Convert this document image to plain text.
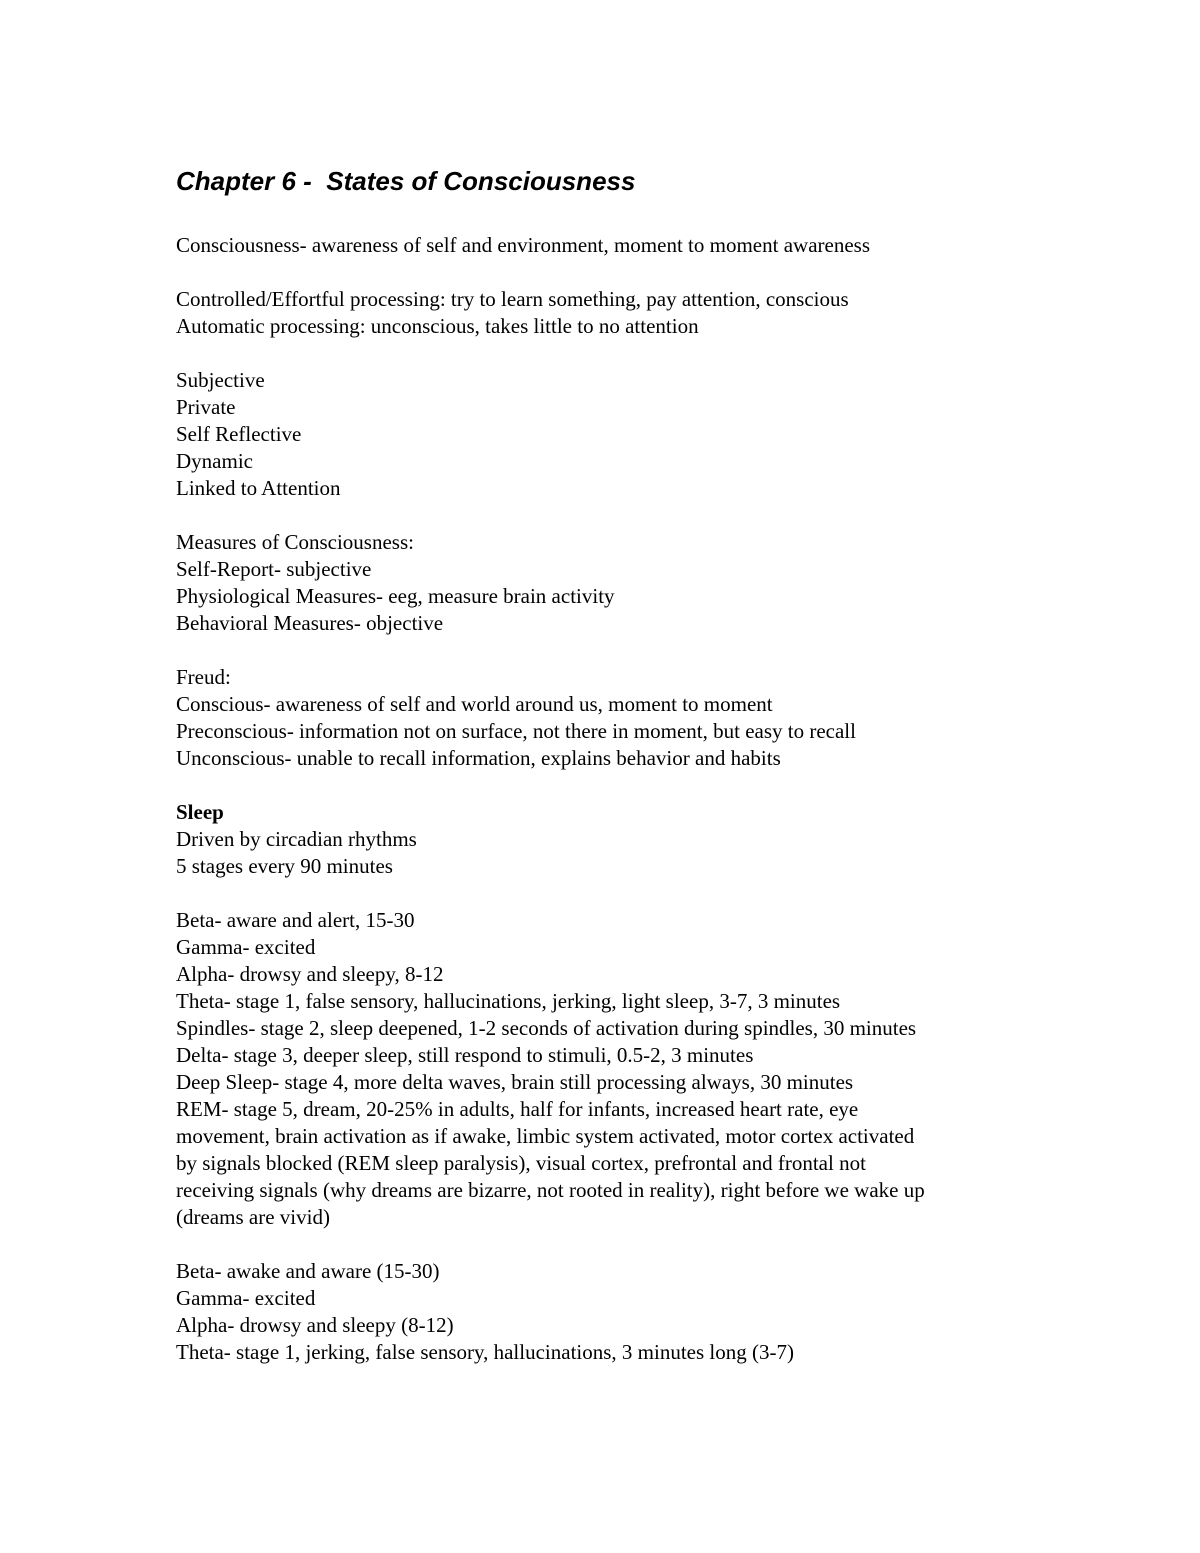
Chapter 6 -  States of Consciousness

Consciousness- awareness of self and environment, moment to moment awareness

Controlled/Effortful processing: try to learn something, pay attention, conscious

Automatic processing: unconscious, takes little to no attention

Subjective

Private

Self Reflective

Dynamic

Linked to Attention

Measures of Consciousness:

Self-Report- subjective

Physiological Measures- eeg, measure brain activity

Behavioral Measures- objective

Freud:

Conscious- awareness of self and world around us, moment to moment

Preconscious- information not on surface, not there in moment, but easy to recall

Unconscious- unable to recall information, explains behavior and habits

Sleep

Driven by circadian rhythms

5 stages every 90 minutes

Beta- aware and alert, 15-30

Gamma- excited

Alpha- drowsy and sleepy, 8-12

Theta- stage 1, false sensory, hallucinations, jerking, light sleep, 3-7, 3 minutes

Spindles- stage 2, sleep deepened, 1-2 seconds of activation during spindles, 30 minutes

Delta- stage 3, deeper sleep, still respond to stimuli, 0.5-2, 3 minutes

Deep Sleep- stage 4, more delta waves, brain still processing always, 30 minutes

REM- stage 5, dream, 20-25% in adults, half for infants, increased heart rate, eye

movement, brain activation as if awake, limbic system activated, motor cortex activated

by signals blocked (REM sleep paralysis), visual cortex, prefrontal and frontal not

receiving signals (why dreams are bizarre, not rooted in reality), right before we wake up

(dreams are vivid)

Beta- awake and aware (15-30)

Gamma- excited

Alpha- drowsy and sleepy (8-12)

Theta- stage 1, jerking, false sensory, hallucinations, 3 minutes long (3-7)
